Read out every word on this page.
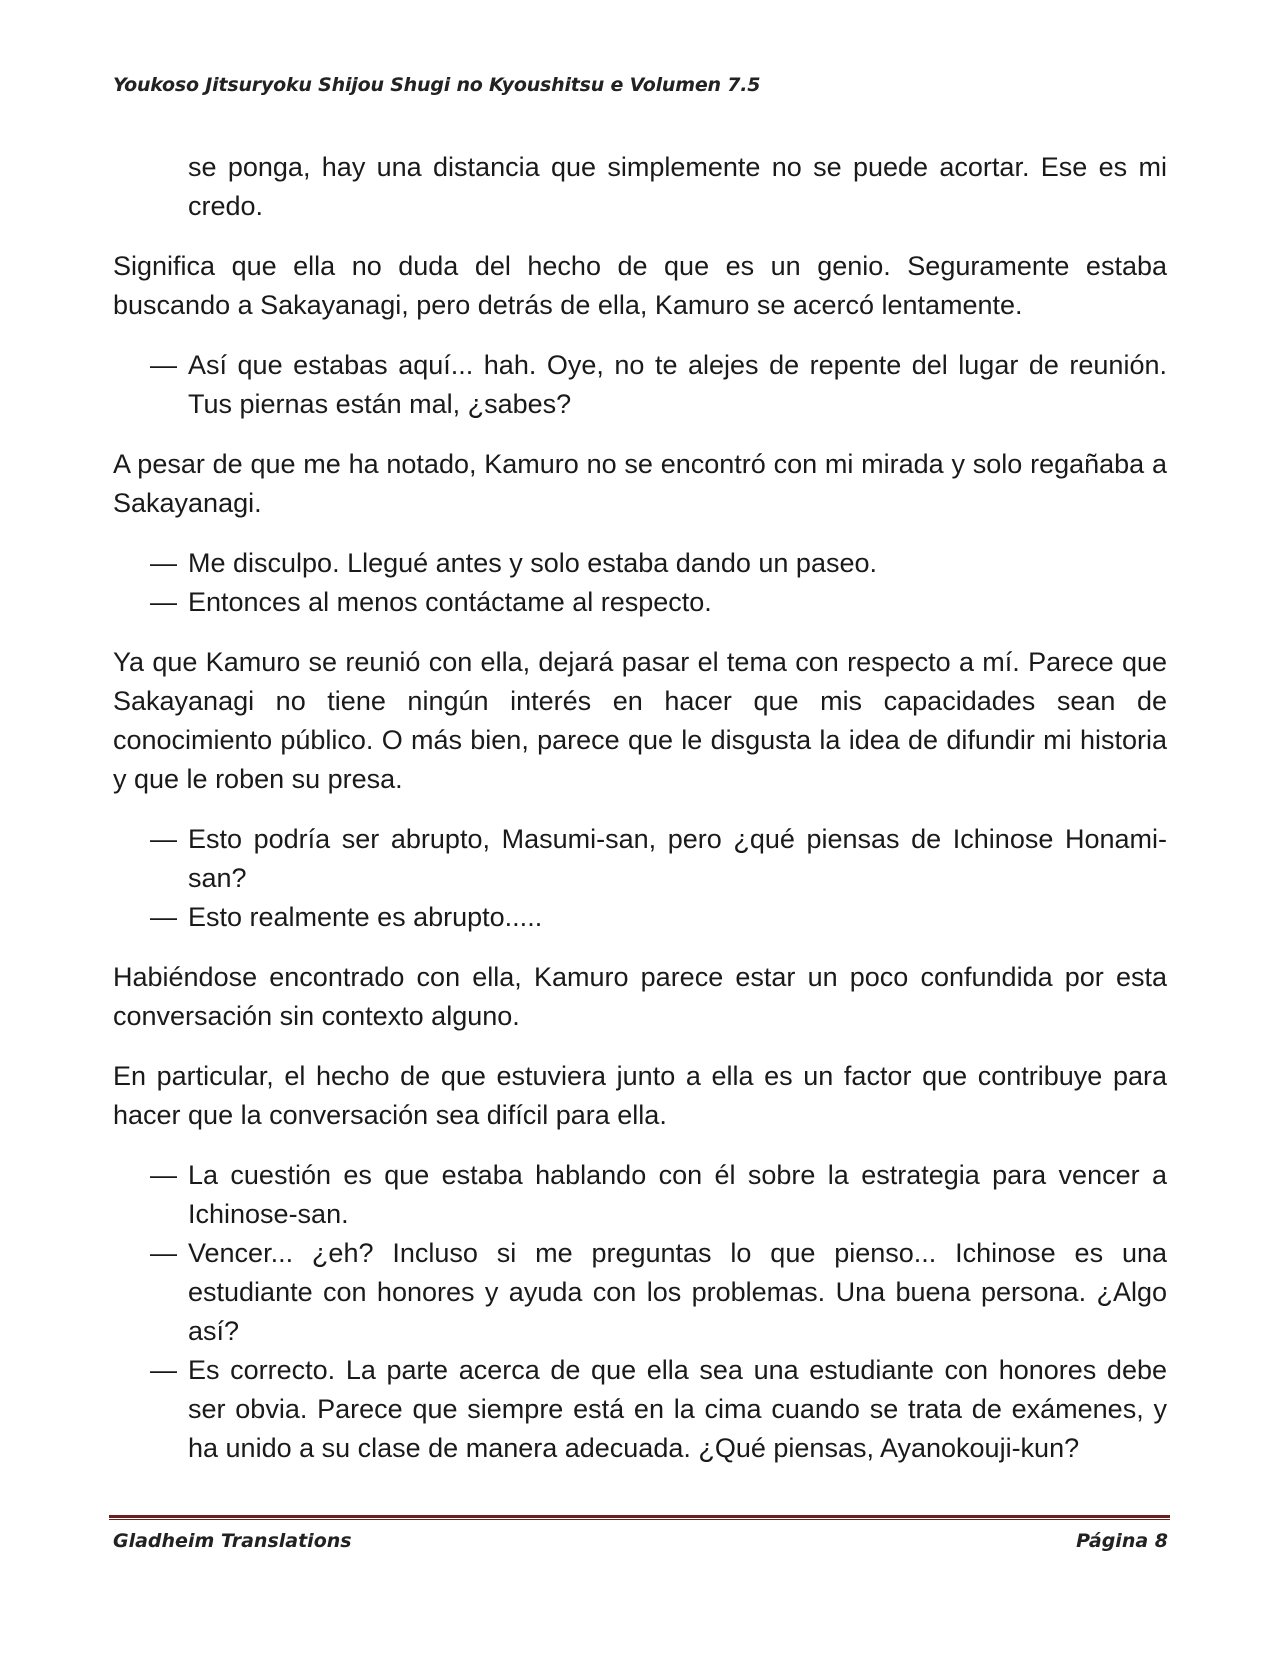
Youkoso Jitsuryoku Shijou Shugi no Kyoushitsu e Volumen 7.5

se ponga, hay una distancia que simplemente no se puede acortar. Ese es mi credo.

Significa que ella no duda del hecho de que es un genio. Seguramente estaba buscando a Sakayanagi, pero detrás de ella, Kamuro se acercó lentamente.

— Así que estabas aquí... hah. Oye, no te alejes de repente del lugar de reunión. Tus piernas están mal, ¿sabes?

A pesar de que me ha notado, Kamuro no se encontró con mi mirada y solo regañaba a Sakayanagi.

— Me disculpo. Llegué antes y solo estaba dando un paseo.

— Entonces al menos contáctame al respecto.

Ya que Kamuro se reunió con ella, dejará pasar el tema con respecto a mí. Parece que Sakayanagi no tiene ningún interés en hacer que mis capacidades sean de conocimiento público. O más bien, parece que le disgusta la idea de difundir mi historia y que le roben su presa.

— Esto podría ser abrupto, Masumi-san, pero ¿qué piensas de Ichinose Honami-san?

— Esto realmente es abrupto.....

Habiéndose encontrado con ella, Kamuro parece estar un poco confundida por esta conversación sin contexto alguno.

En particular, el hecho de que estuviera junto a ella es un factor que contribuye para hacer que la conversación sea difícil para ella.

— La cuestión es que estaba hablando con él sobre la estrategia para vencer a Ichinose-san.

— Vencer... ¿eh? Incluso si me preguntas lo que pienso... Ichinose es una estudiante con honores y ayuda con los problemas. Una buena persona. ¿Algo así?

— Es correcto. La parte acerca de que ella sea una estudiante con honores debe ser obvia. Parece que siempre está en la cima cuando se trata de exámenes, y ha unido a su clase de manera adecuada. ¿Qué piensas, Ayanokouji-kun?

Gladheim Translations	Página 8
